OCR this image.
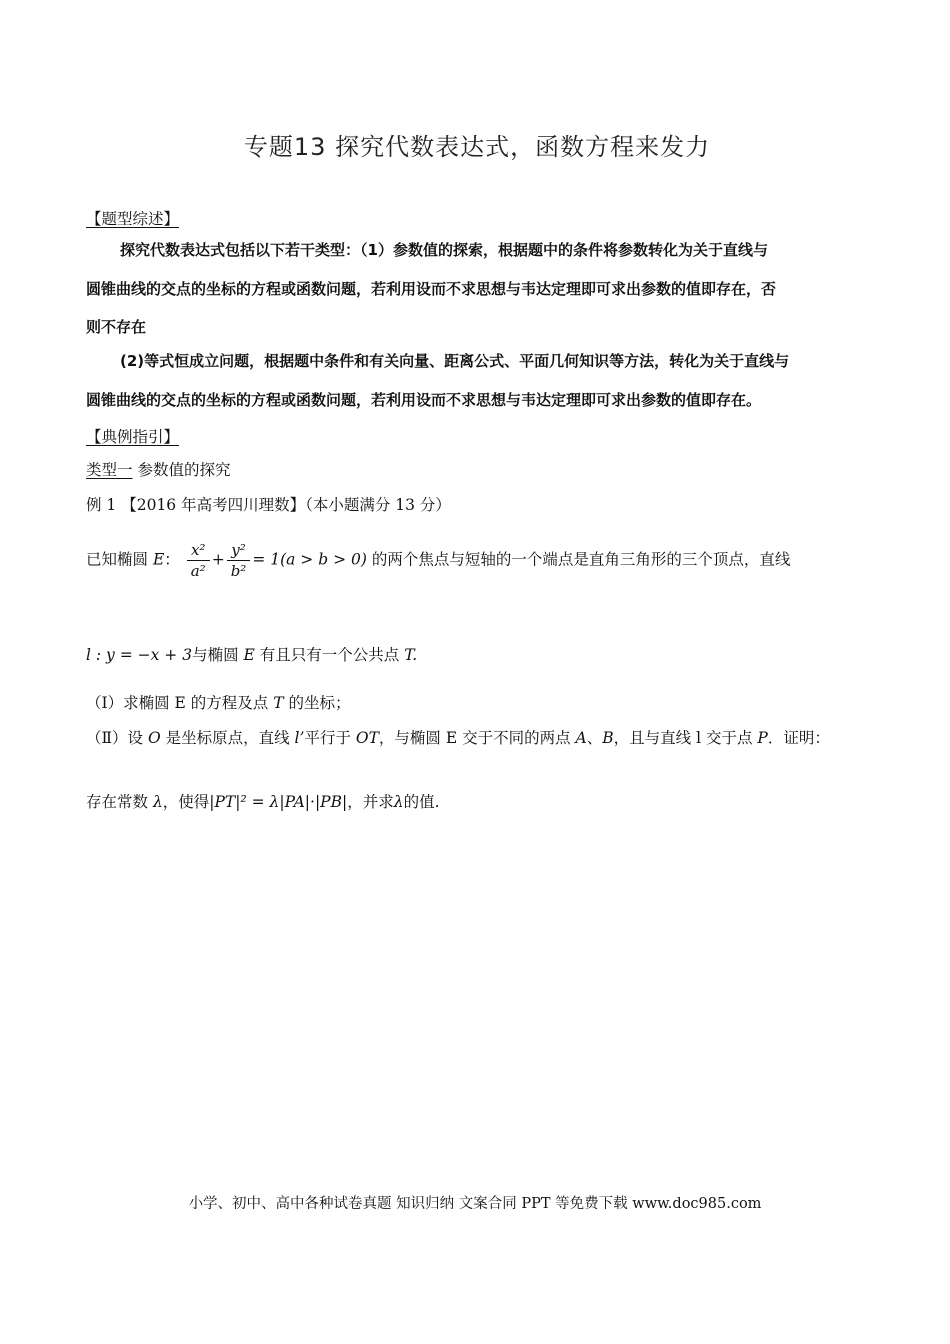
专题13 探究代数表达式，函数方程来发力
【题型综述】
探究代数表达式包括以下若干类型：（1）参数值的探索，根据题中的条件将参数转化为关于直线与
圆锥曲线的交点的坐标的方程或函数问题，若利用设而不求思想与韦达定理即可求出参数的值即存在，否
则不存在
(2)等式恒成立问题，根据题中条件和有关向量、距离公式、平面几何知识等方法，转化为关于直线与
圆锥曲线的交点的坐标的方程或函数问题，若利用设而不求思想与韦达定理即可求出参数的值即存在。
【典例指引】
类型一 参数值的探究
例 1 【2016 年高考四川理数】（本小题满分 13 分）
已知椭圆 E： $\frac{\text{x²}}{\text{a²}} + \frac{\text{y²}}{\text{b²}} = 1(a > b > 0)$ 的两个焦点与短轴的一个端点是直角三角形的三个顶点，直线
l : y = −x + 3与椭圆 E 有且只有一个公共点 T.
（Ⅰ）求椭圆 E 的方程及点 T 的坐标；
（Ⅱ）设 O 是坐标原点，直线 l’平行于 OT，与椭圆 E 交于不同的两点 A、B，且与直线 l 交于点 P．证明：
存在常数 λ，使得|PT|² = λ|PA|·|PB|，并求λ的值.
小学、初中、高中各种试卷真题 知识归纳 文案合同 PPT 等免费下载 www.doc985.com
